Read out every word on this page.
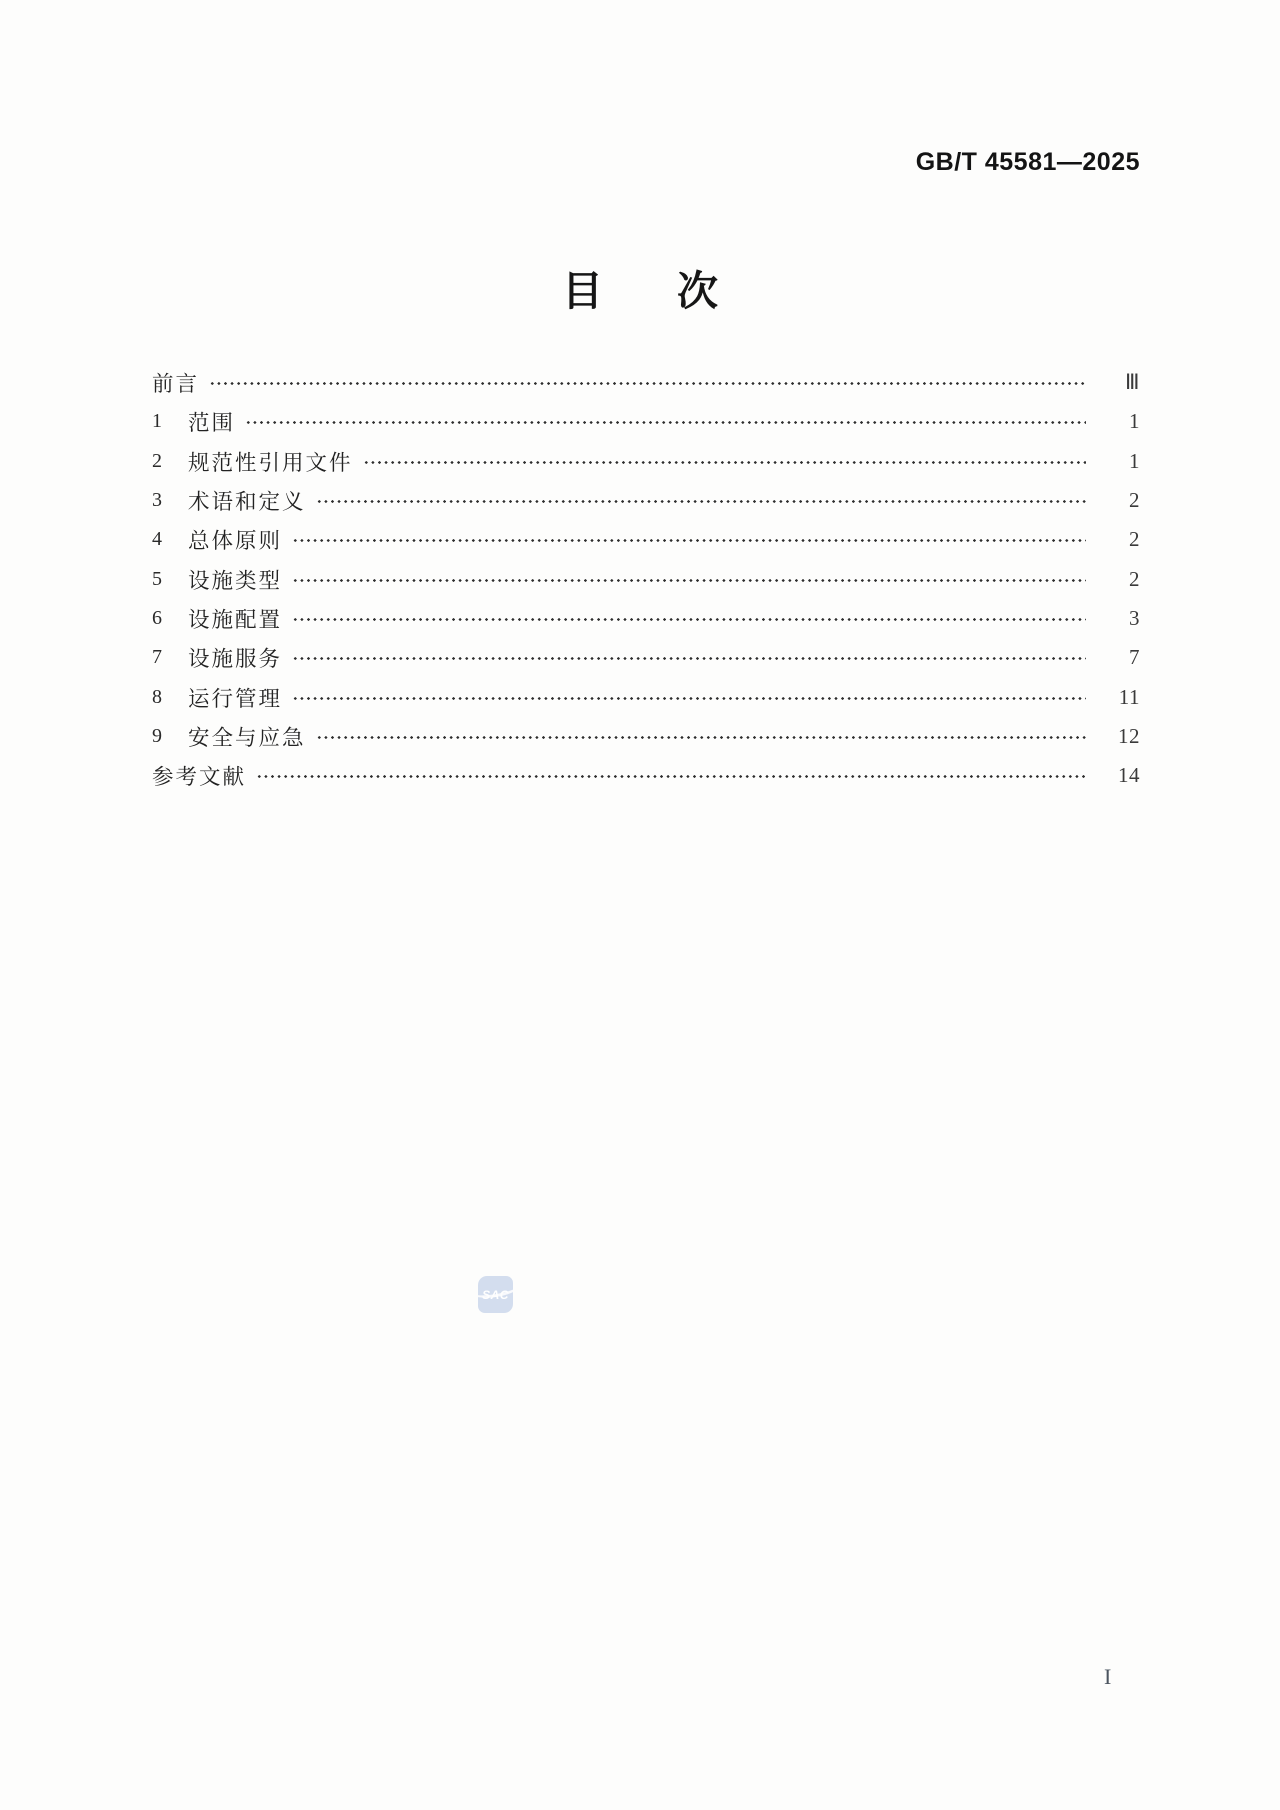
GB/T 45581—2025
目 次
前言	Ⅲ
1	范围	1
2	规范性引用文件	1
3	术语和定义	2
4	总体原则	2
5	设施类型	2
6	设施配置	3
7	设施服务	7
8	运行管理	11
9	安全与应急	12
参考文献	14
SAC
I
